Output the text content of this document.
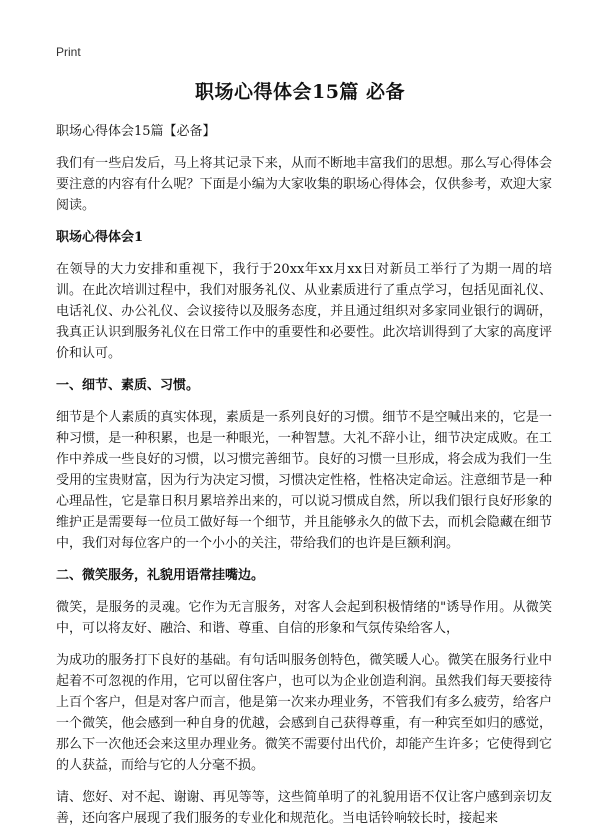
Print
职场心得体会15篇 必备

职场心得体会15篇【必备】

我们有一些启发后，马上将其记录下来，从而不断地丰富我们的思想。那么写心得体会要注意的内容有什么呢？下面是小编为大家收集的职场心得体会，仅供参考，欢迎大家阅读。

职场心得体会1

在领导的大力安排和重视下，我行于20xx年xx月xx日对新员工举行了为期一周的培训。在此次培训过程中，我们对服务礼仪、从业素质进行了重点学习，包括见面礼仪、电话礼仪、办公礼仪、会议接待以及服务态度，并且通过组织对多家同业银行的调研，我真正认识到服务礼仪在日常工作中的重要性和必要性。此次培训得到了大家的高度评价和认可。

一、细节、素质、习惯。

细节是个人素质的真实体现，素质是一系列良好的习惯。细节不是空喊出来的，它是一种习惯，是一种积累，也是一种眼光，一种智慧。大礼不辞小让，细节决定成败。在工作中养成一些良好的习惯，以习惯完善细节。良好的习惯一旦形成，将会成为我们一生受用的宝贵财富，因为行为决定习惯，习惯决定性格，性格决定命运。注意细节是一种心理品性，它是靠日积月累培养出来的，可以说习惯成自然，所以我们银行良好形象的维护正是需要每一位员工做好每一个细节，并且能够永久的做下去，而机会隐藏在细节中，我们对每位客户的一个小小的关注，带给我们的也许是巨额利润。

二、微笑服务，礼貌用语常挂嘴边。

微笑，是服务的灵魂。它作为无言服务，对客人会起到积极情绪的"诱导作用。从微笑中，可以将友好、融洽、和谐、尊重、自信的形象和气氛传染给客人，

为成功的服务打下良好的基础。有句话叫服务创特色，微笑暖人心。微笑在服务行业中起着不可忽视的作用，它可以留住客户，也可以为企业创造利润。虽然我们每天要接待上百个客户，但是对客户而言，他是第一次来办理业务，不管我们有多么疲劳，给客户一个微笑，他会感到一种自身的优越，会感到自己获得尊重，有一种宾至如归的感觉，那么下一次他还会来这里办理业务。微笑不需要付出代价，却能产生许多；它使得到它的人获益，而给与它的人分毫不损。

请、您好、对不起、谢谢、再见等等，这些简单明了的礼貌用语不仅让客户感到亲切友善，还向客户展现了我们服务的专业化和规范化。当电话铃响较长时，接起来
